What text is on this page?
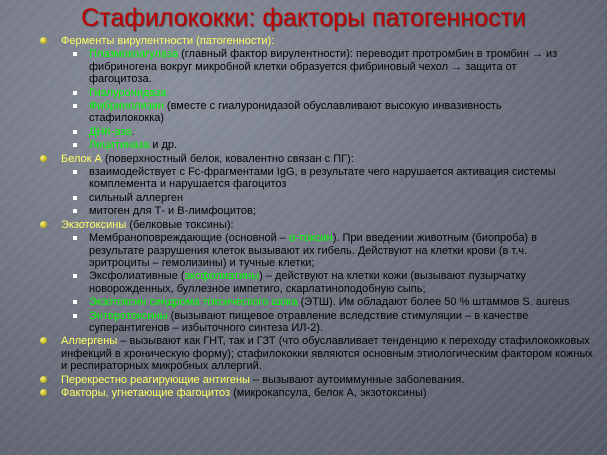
Стафилококки: факторы патогенности
Ферменты вирулентности (патогенности):
Плазмокоагулаза (главный фактор вирулентности): переводит протромбин в тромбин → из фибриногена вокруг микробной клетки образуется фибриновый чехол → защита от фагоцитоза.
Гиалуронидаза
Фибринолизин (вместе с гиалуронидазой обуславливают высокую инвазивность стафилококка)
ДНК-аза.
Лецитиназа и др.
Белок А (поверхностный белок, ковалентно связан с ПГ):
взаимодействует с Fc-фрагментами IgG, в результате чего нарушается активация системы комплемента и нарушается фагоцитоз
сильный аллерген
митоген для Т- и В-лимфоцитов;
Экзотоксины (белковые токсины):
Мембраноповреждающие (основной – α-токсин). При введении животным (биопроба) в результате разрушения клеток вызывают их гибель. Действуют на клетки крови (в т.ч. эритроциты – гемолизины) и тучные клетки;
Эксфолиативные (эксфолиатины) – действуют на клетки кожи (вызывают пузырчатку новорожденных, буллезное импетиго, скарлатиноподобную сыпь;
Экзотоксин синдрома токсического шока (ЭТШ). Им обладают более 50 % штаммов S. aureus
Энтеротоксины (вызывают пищевое отравление вследствие стимуляции – в качестве суперантигенов – избыточного синтеза ИЛ-2).
Аллергены – вызывают как ГНТ, так и ГЗТ (что обуславливает тенденцию к переходу стафилококковых инфекций в хроническую форму); стафилококки являются основным этиологическим фактором кожных и респираторных микробных аллергий.
Перекрестно реагирующие антигены – вызывают аутоиммунные заболевания.
Факторы, угнетающие фагоцитоз (микрокапсула, белок А, экзотоксины)
